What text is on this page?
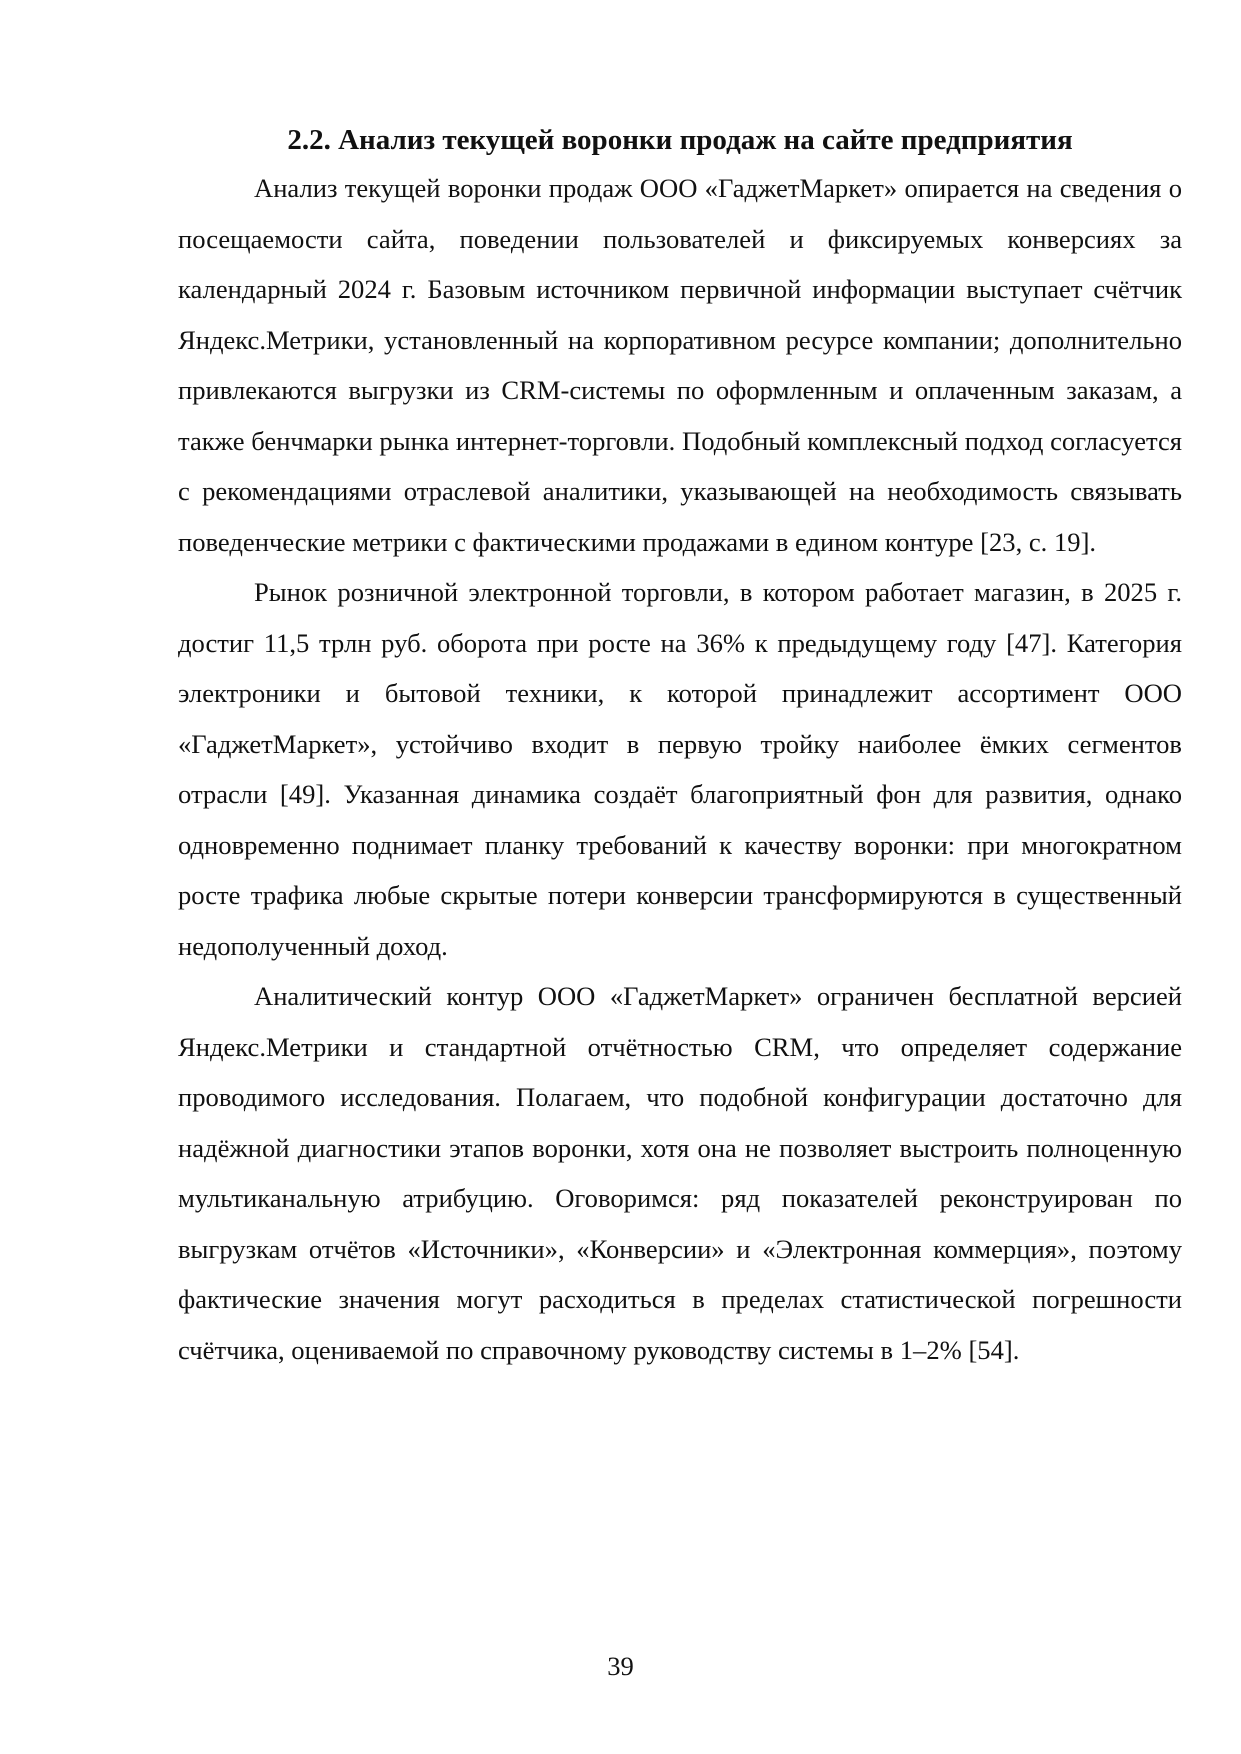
2.2. Анализ текущей воронки продаж на сайте предприятия

Анализ текущей воронки продаж ООО «ГаджетМаркет» опирается на сведения о посещаемости сайта, поведении пользователей и фиксируемых конверсиях за календарный 2024 г. Базовым источником первичной информации выступает счётчик Яндекс.Метрики, установленный на корпоративном ресурсе компании; дополнительно привлекаются выгрузки из CRM-системы по оформленным и оплаченным заказам, а также бенчмарки рынка интернет-торговли. Подобный комплексный подход согласуется с рекомендациями отраслевой аналитики, указывающей на необходимость связывать поведенческие метрики с фактическими продажами в едином контуре [23, с. 19].

Рынок розничной электронной торговли, в котором работает магазин, в 2025 г. достиг 11,5 трлн руб. оборота при росте на 36% к предыдущему году [47]. Категория электроники и бытовой техники, к которой принадлежит ассортимент ООО «ГаджетМаркет», устойчиво входит в первую тройку наиболее ёмких сегментов отрасли [49]. Указанная динамика создаёт благоприятный фон для развития, однако одновременно поднимает планку требований к качеству воронки: при многократном росте трафика любые скрытые потери конверсии трансформируются в существенный недополученный доход.

Аналитический контур ООО «ГаджетМаркет» ограничен бесплатной версией Яндекс.Метрики и стандартной отчётностью CRM, что определяет содержание проводимого исследования. Полагаем, что подобной конфигурации достаточно для надёжной диагностики этапов воронки, хотя она не позволяет выстроить полноценную мультиканальную атрибуцию. Оговоримся: ряд показателей реконструирован по выгрузкам отчётов «Источники», «Конверсии» и «Электронная коммерция», поэтому фактические значения могут расходиться в пределах статистической погрешности счётчика, оцениваемой по справочному руководству системы в 1–2% [54].

39
